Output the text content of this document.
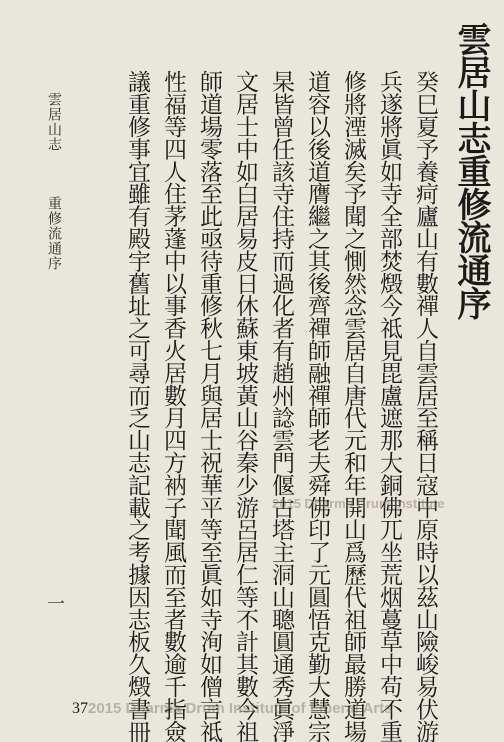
雲居山志重修流通序
癸巳夏予養疴廬山有數禪人自雲居至稱日寇中原時以茲山險峻易伏游
兵遂將眞如寺全部焚燬今祗見毘盧遮那大銅佛兀坐荒烟蔓草中苟不重
修將湮滅矣予聞之惻然念雲居自唐代元和年開山爲歷代祖師最勝道場
道容以後道膺繼之其後齊禪師融禪師老夫舜佛印了元圓悟克勤大慧宗
杲皆曾任該寺住持而過化者有趙州諗雲門偃古塔主洞山聰圓通秀眞淨
文居士中如白居易皮日休蘇東坡黃山谷秦少游呂居仁等不計其數今祖
師道場零落至此亟待重修秋七月與居士祝華平等至眞如寺洵如僧言祗
性福等四人住茅蓬中以事香火居數月四方衲子聞風而至者數逾千指僉
議重修事宜雖有殿宇舊址之可尋而乏山志記載之考據因志板久燬書冊
雲居山志
重修流通序
一
37 2015 Dharma Drum Institute of Liberal Arts
2015 Dharma Drum Institute
